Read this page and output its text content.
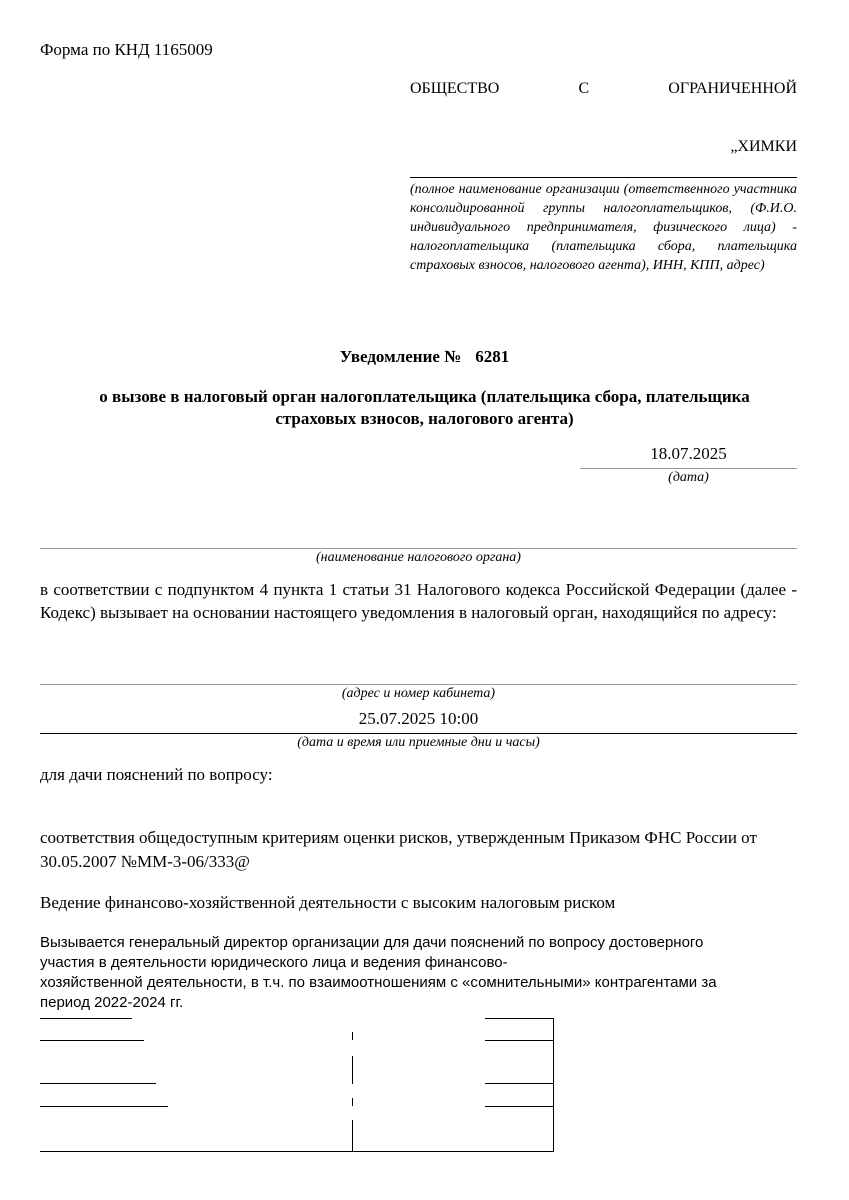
Форма по КНД 1165009
ОБЩЕСТВО	С	ОГРАНИЧЕННОЙ
„ХИМКИ
(полное наименование организации (ответственного участника консолидированной группы налогоплательщиков, (Ф.И.О. индивидуального предпринимателя, физического лица) - налогоплательщика (плательщика сбора, плательщика страховых взносов, налогового агента), ИНН, КПП, адрес)
Уведомление № 6281
о вызове в налоговый орган налогоплательщика (плательщика сбора, плательщика страховых взносов, налогового агента)
18.07.2025
(дата)
(наименование налогового органа)
в соответствии с подпунктом 4 пункта 1 статьи 31 Налогового кодекса Российской Федерации (далее - Кодекс) вызывает на основании настоящего уведомления в налоговый орган, находящийся по адресу:
(адрес и номер кабинета)
25.07.2025 10:00
(дата и время или приемные дни и часы)
для дачи пояснений по вопросу:
соответствия общедоступным критериям оценки рисков, утвержденным Приказом ФНС России от 30.05.2007 №ММ-3-06/333@
Ведение финансово-хозяйственной деятельности с высоким налоговым риском
Вызывается генеральный директор организации для дачи пояснений по вопросу достоверного
участия в деятельности юридического лица и ведения финансово-
хозяйственной деятельности, в т.ч. по взаимоотношениям с «сомнительными» контрагентами за
период 2022-2024 гг.
